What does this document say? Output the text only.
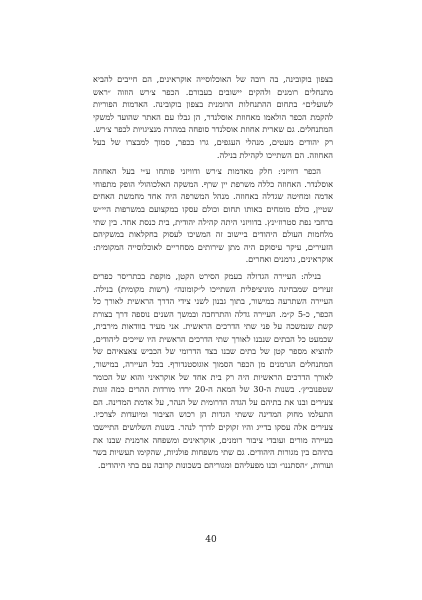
בצפון בוקובינה, בה רובה של האוכלוסייה אוקראינים, הם חייבים להביא מתנחלים רומנים ולהקים יישובים בעבורם. הכפר צ׳רש הוזוה ״ראש לשועלים״ בתחום ההתנחלות הרומנית בצפון בוקובינה. האדמות הפוריות להקמת הכפר הולאמו מאחוזת אוסלנדר, הן גבלו עם האתר שהועד למשקי המתנחלים. גם שארית אחוזת אוסלנדר סופחה במהרה מנציגויות לכפר צ׳רש. רק יהודים מעטים, מנהלי העגפים, גרו בכפר, סמוך למבצרו של בעל האחוזה. הם השתייכו לקהילת בנילה.

הכפר דוויזני: חלק מאדמות צ׳רש ודוויזני פותחו ע״י בעל האחוזה אוסלנדר. האחוזה כללה משרפת יין שרף. המשקה האלכוהולי הופק מתפוחי אדמה ומחיטה שגדלה באחוזה. מנהל המשרפה היה אחד מחמשת האחים שטיין, כולם מומחים באותו תחום וכולם עסקו במקצועם במשרפות היי״ש ברחבי נפת סטרוז׳ינץ. בדוויזני היתה קהילה יהודית, בית כנסת אחד. בין שתי מלחמות העולם היהודים ביישוב זה המשיכו לעסוק בחקלאות במשקיהם הזעירים, עיקר עיסוקם היה מתן שירותים מסחריים לאוכלוסייה המקומית: אוקראינים, גרמנים ואחרים.

בנילה: העיירה הגדולה בעמק הסירט הקטן, מוקפת בכתריסר כפרים זעירים שמבחינה מוניציפלית השתייכו ל״קומונה״ (רשות מקומית) בנילה. העיירה השתרעה במישור, בתוך גבנון לשני צידי הדרך הראשית לאורך כל הכפר, כ-5 ק״מ. העיירה גדלה והתרחבה ובמשך השנים נוספה דרך בצורת קשת שנמשכה על פני שתי הדרכים הראשית. אני מעיד בוודאות מירבית, שכמעט כל הבתים שנבנו לאורך שתי הדרכים הראשית היו שייכים ליהודים, להוציא מספר קטן של בתים שבנו בצד הדרומי של הכביש צאצאיהם של המתנחלים הגרמנים מן הכפר הסמוך אוגוסטנדורף. בכל העיירה, במישור, לאורך הדרכים הראשיות היה רק בית אחד של אוקראיני והוא של הכומר שטפנוביץ׳. בשנות ה-30 של המאה ה-20 ירדו מורדות ההרים כמה זוגות צעירים ובנו את בתיהם על הגדה הדרומית של הנהר, על אדמת המדינה. הם התעלמו מחוק המדינה ששתי הגדות הן רכוש הציבור ומיועדות לצרכיו. צעירים אלה עסקו בדייג והיו זקוקים לדרך לנהר. בשנות השלושים התיישבו בעיירה מורים ועובדי ציבור רומנים, אוקראינים ומשפחה ארמנית שבנו את בתיהם בין מגורות היהודים. גם שתי משפחות פולניות, שהקימו תעשיות בשר ועורות, ״הסתננו״ ובנו מפעליהם ומגוריהם בשכונות קרובה עם בתי היהודים.

40
